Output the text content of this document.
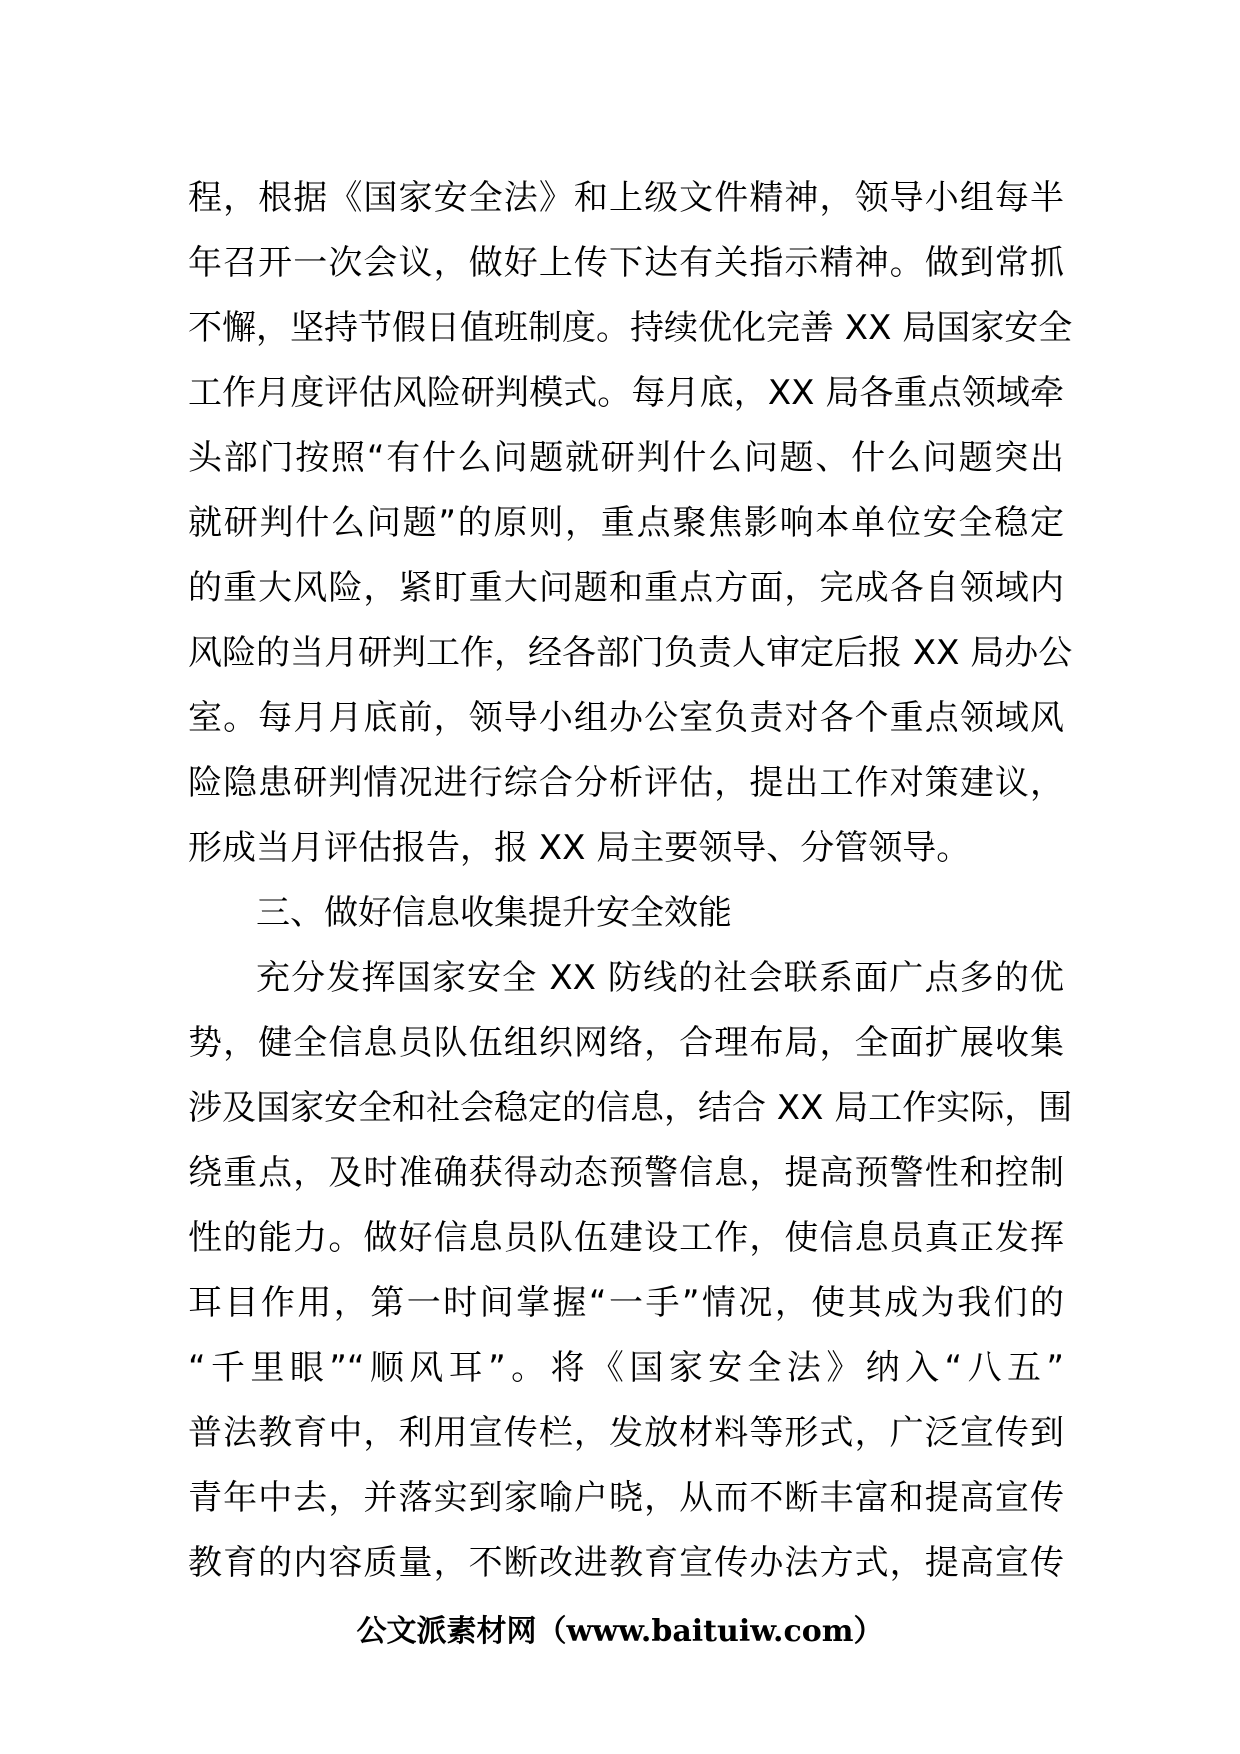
程，根据《国家安全法》和上级文件精神，领导小组每半
年召开一次会议，做好上传下达有关指示精神。做到常抓
不懈，坚持节假日值班制度。持续优化完善 XX 局国家安全
工作月度评估风险研判模式。每月底，XX 局各重点领域牵
头部门按照“有什么问题就研判什么问题、什么问题突出
就研判什么问题”的原则，重点聚焦影响本单位安全稳定
的重大风险，紧盯重大问题和重点方面，完成各自领域内
风险的当月研判工作，经各部门负责人审定后报 XX 局办公
室。每月月底前，领导小组办公室负责对各个重点领域风
险隐患研判情况进行综合分析评估，提出工作对策建议，
形成当月评估报告，报 XX 局主要领导、分管领导。
三、做好信息收集提升安全效能
充分发挥国家安全 XX 防线的社会联系面广点多的优
势，健全信息员队伍组织网络，合理布局，全面扩展收集
涉及国家安全和社会稳定的信息，结合 XX 局工作实际，围
绕重点，及时准确获得动态预警信息，提高预警性和控制
性的能力。做好信息员队伍建设工作，使信息员真正发挥
耳目作用，第一时间掌握“一手”情况，使其成为我们的
“千里眼”“顺风耳”。将《国家安全法》纳入“八五”
普法教育中，利用宣传栏，发放材料等形式，广泛宣传到
青年中去，并落实到家喻户晓，从而不断丰富和提高宣传
教育的内容质量，不断改进教育宣传办法方式，提高宣传
公文派素材网（www.baituiw.com）
